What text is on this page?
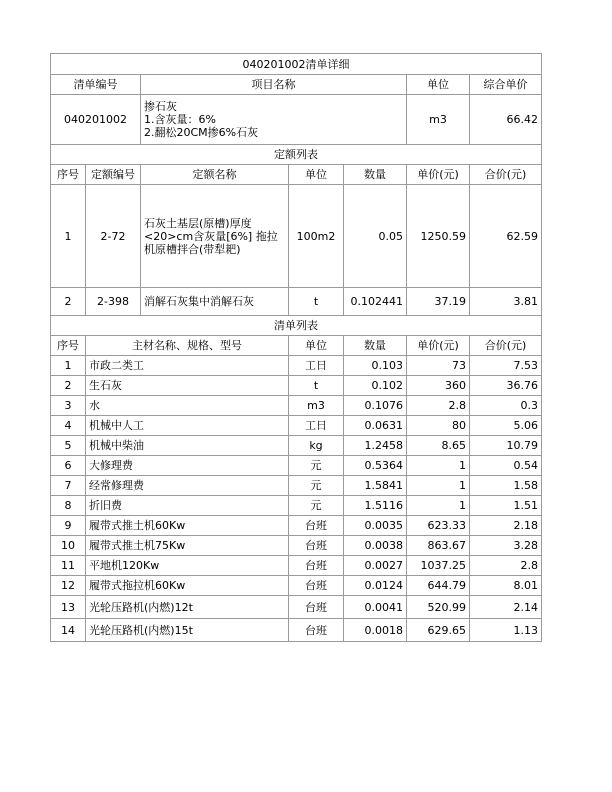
040201002清单详细						
清单编号		项目名称			单位	综合单价
040201002		掺石灰
1.含灰量：6%
2.翻松20CM掺6%石灰			m3	66.42
定额列表						
序号	定额编号	定额名称	单位	数量	单价(元)	合价(元)
1	2-72	石灰土基层(原槽)厚度<20>cm含灰量[6%] 拖拉机原槽拌合(带犁耙)	100m2	0.05	1250.59	62.59
2	2-398	消解石灰集中消解石灰	t	0.102441	37.19	3.81
清单列表						
序号	主材名称、规格、型号		单位	数量	单价(元)	合价(元)
1	市政二类工		工日	0.103	73	7.53
2	生石灰		t	0.102	360	36.76
3	水		m3	0.1076	2.8	0.3
4	机械中人工		工日	0.0631	80	5.06
5	机械中柴油		kg	1.2458	8.65	10.79
6	大修理费		元	0.5364	1	0.54
7	经常修理费		元	1.5841	1	1.58
8	折旧费		元	1.5116	1	1.51
9	履带式推土机60Kw		台班	0.0035	623.33	2.18
10	履带式推土机75Kw		台班	0.0038	863.67	3.28
11	平地机120Kw		台班	0.0027	1037.25	2.8
12	履带式拖拉机60Kw		台班	0.0124	644.79	8.01
13	光轮压路机(内燃)12t		台班	0.0041	520.99	2.14
14	光轮压路机(内燃)15t		台班	0.0018	629.65	1.13
